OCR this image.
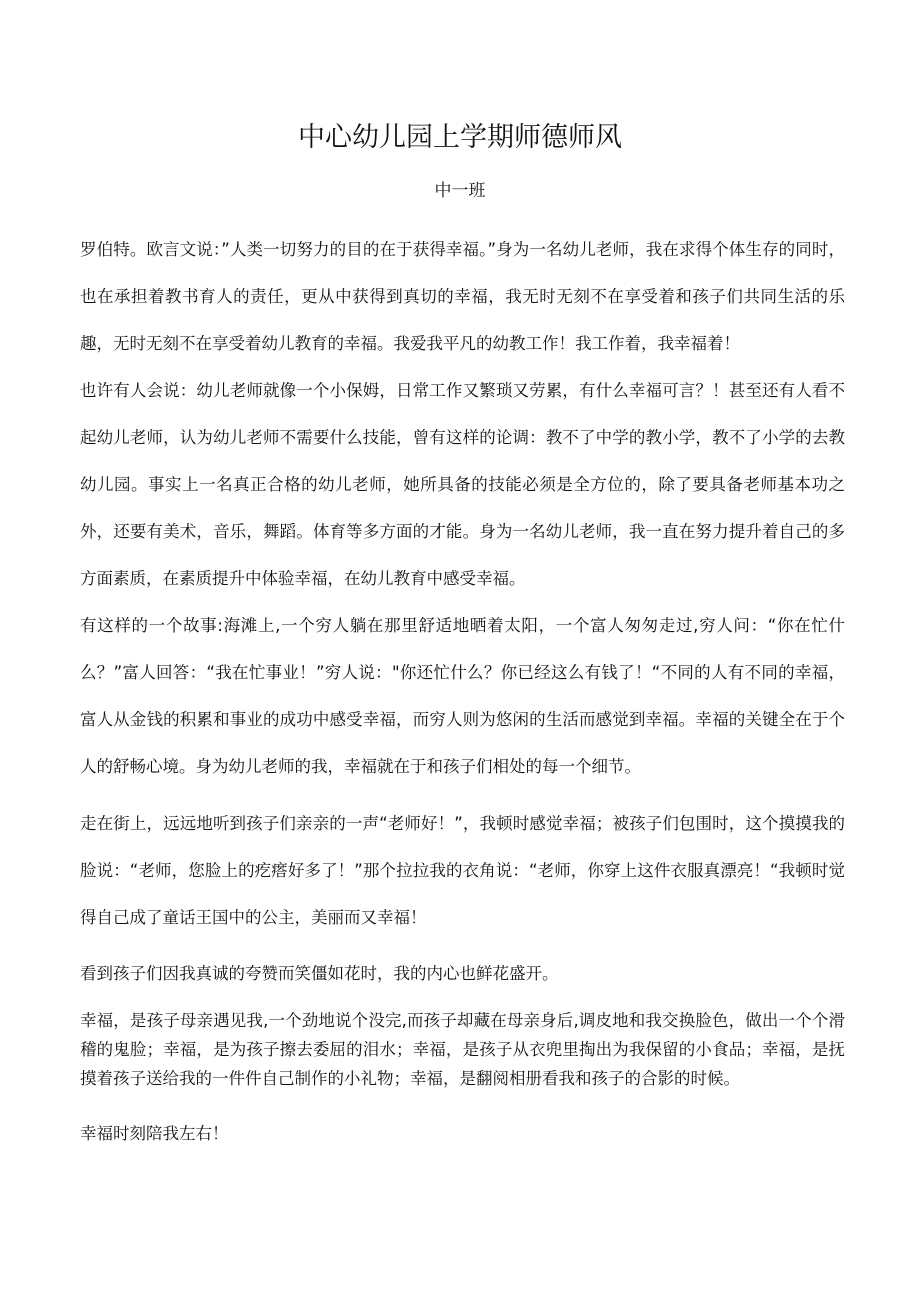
中心幼儿园上学期师德师风
中一班

罗伯特。欧言文说：”人类一切努力的目的在于获得幸福。”身为一名幼儿老师，我在求得个体生存的同时，也在承担着教书育人的责任，更从中获得到真切的幸福，我无时无刻不在享受着和孩子们共同生活的乐趣，无时无刻不在享受着幼儿教育的幸福。我爱我平凡的幼教工作！我工作着，我幸福着！

也许有人会说：幼儿老师就像一个小保姆，日常工作又繁琐又劳累，有什么幸福可言？！甚至还有人看不起幼儿老师，认为幼儿老师不需要什么技能，曾有这样的论调：教不了中学的教小学，教不了小学的去教幼儿园。事实上一名真正合格的幼儿老师，她所具备的技能必须是全方位的，除了要具备老师基本功之外，还要有美术，音乐，舞蹈。体育等多方面的才能。身为一名幼儿老师，我一直在努力提升着自己的多方面素质，在素质提升中体验幸福，在幼儿教育中感受幸福。

有这样的一个故事:海滩上,一个穷人躺在那里舒适地晒着太阳，一个富人匆匆走过,穷人问：“你在忙什么？”富人回答：“我在忙事业！”穷人说："你还忙什么？你已经这么有钱了！“不同的人有不同的幸福，富人从金钱的积累和事业的成功中感受幸福，而穷人则为悠闲的生活而感觉到幸福。幸福的关键全在于个人的舒畅心境。身为幼儿老师的我，幸福就在于和孩子们相处的每一个细节。

走在街上，远远地听到孩子们亲亲的一声“老师好！”，我顿时感觉幸福；被孩子们包围时，这个摸摸我的脸说：“老师，您脸上的疙瘩好多了！”那个拉拉我的衣角说：“老师，你穿上这件衣服真漂亮！“我顿时觉得自己成了童话王国中的公主，美丽而又幸福！

看到孩子们因我真诚的夸赞而笑僵如花时，我的内心也鲜花盛开。

幸福，是孩子母亲遇见我,一个劲地说个没完,而孩子却藏在母亲身后,调皮地和我交换脸色，做出一个个滑稽的鬼脸；幸福，是为孩子擦去委屈的泪水；幸福，是孩子从衣兜里掏出为我保留的小食品；幸福，是抚摸着孩子送给我的一件件自己制作的小礼物；幸福，是翻阅相册看我和孩子的合影的时候。

幸福时刻陪我左右！
